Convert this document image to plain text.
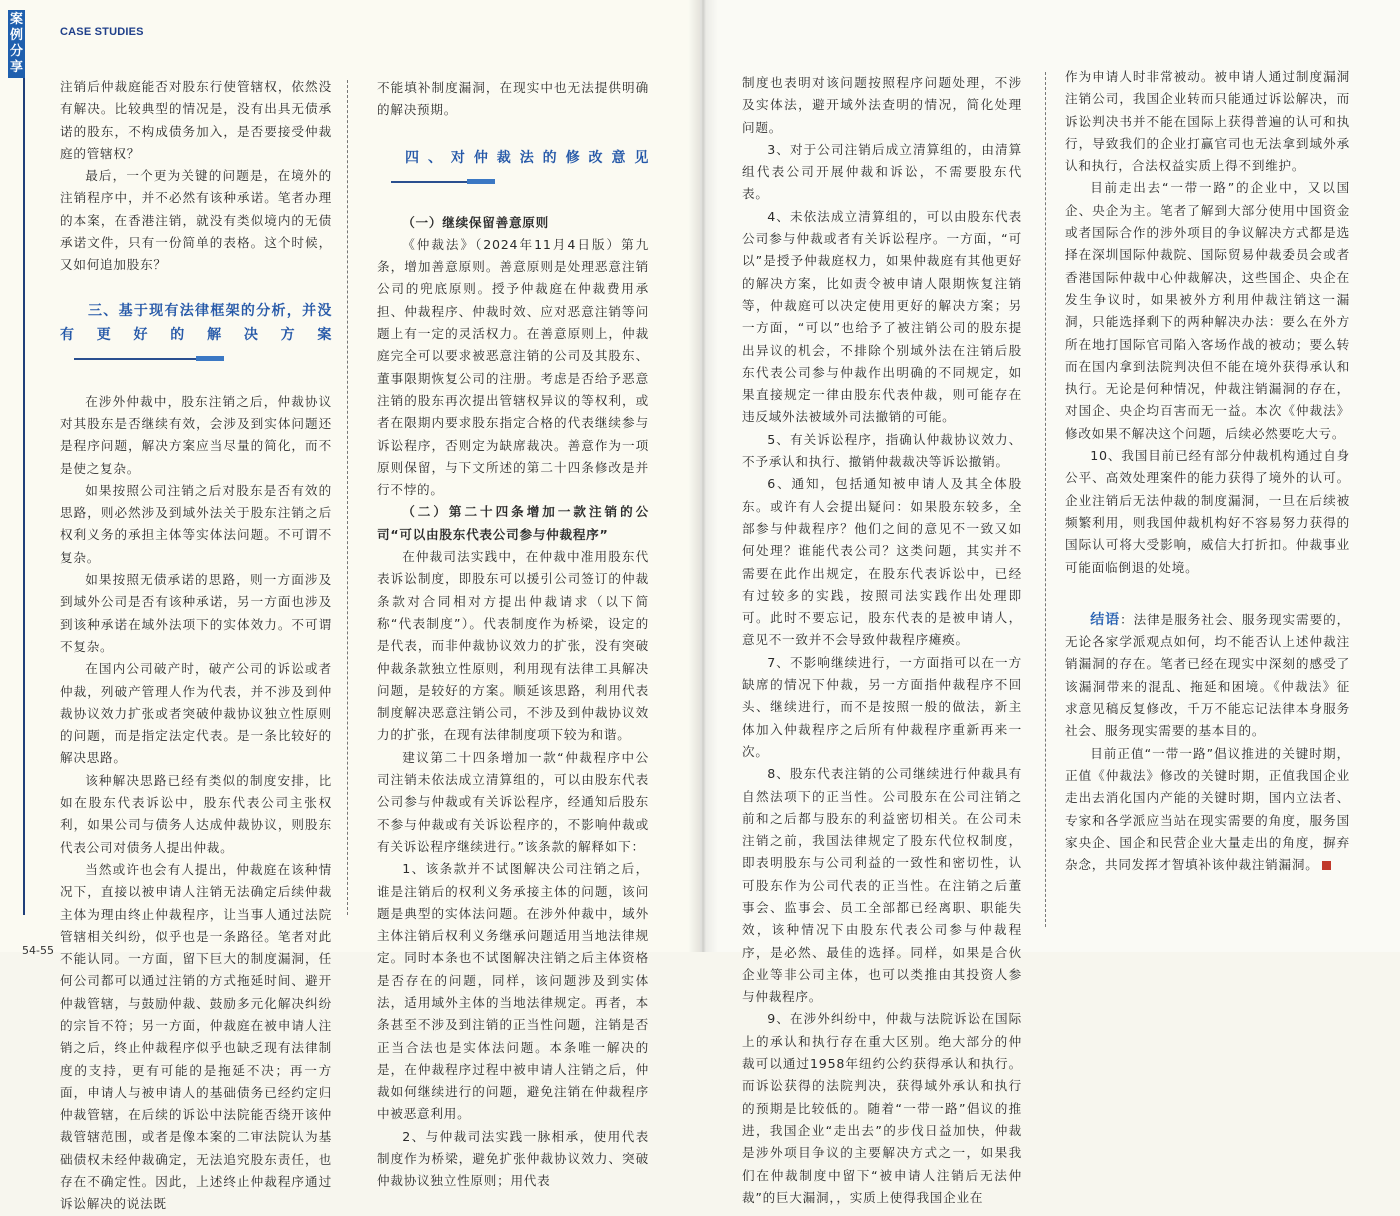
案
例
分
享
CASE STUDIES
54-55

注销后仲裁庭能否对股东行使管辖权，依然没有解决。比较典型的情况是，没有出具无债承诺的股东，不构成债务加入，是否要接受仲裁庭的管辖权？

最后，一个更为关键的问题是，在境外的注销程序中，并不必然有该种承诺。笔者办理的本案，在香港注销，就没有类似境内的无债承诺文件，只有一份简单的表格。这个时候，又如何追加股东？

三、基于现有法律框架的分析，并没有更好的解决方案

在涉外仲裁中，股东注销之后，仲裁协议对其股东是否继续有效，会涉及到实体问题还是程序问题，解决方案应当尽量的简化，而不是使之复杂。

如果按照公司注销之后对股东是否有效的思路，则必然涉及到域外法关于股东注销之后权利义务的承担主体等实体法问题。不可谓不复杂。

如果按照无债承诺的思路，则一方面涉及到域外公司是否有该种承诺，另一方面也涉及到该种承诺在域外法项下的实体效力。不可谓不复杂。

在国内公司破产时，破产公司的诉讼或者仲裁，列破产管理人作为代表，并不涉及到仲裁协议效力扩张或者突破仲裁协议独立性原则的问题，而是指定法定代表。是一条比较好的解决思路。

该种解决思路已经有类似的制度安排，比如在股东代表诉讼中，股东代表公司主张权利，如果公司与债务人达成仲裁协议，则股东代表公司对债务人提出仲裁。

当然或许也会有人提出，仲裁庭在该种情况下，直接以被申请人注销无法确定后续仲裁主体为理由终止仲裁程序，让当事人通过法院管辖相关纠纷，似乎也是一条路径。笔者对此不能认同。一方面，留下巨大的制度漏洞，任何公司都可以通过注销的方式拖延时间、避开仲裁管辖，与鼓励仲裁、鼓励多元化解决纠纷的宗旨不符；另一方面，仲裁庭在被申请人注销之后，终止仲裁程序似乎也缺乏现有法律制度的支持，更有可能的是拖延不决；再一方面，申请人与被申请人的基础债务已经约定归仲裁管辖，在后续的诉讼中法院能否绕开该仲裁管辖范围，或者是像本案的二审法院认为基础债权未经仲裁确定，无法追究股东责任，也存在不确定性。因此，上述终止仲裁程序通过诉讼解决的说法既

不能填补制度漏洞，在现实中也无法提供明确的解决预期。

四、对仲裁法的修改意见

（一）继续保留善意原则

《仲裁法》（2024年11月4日版）第九条，增加善意原则。善意原则是处理恶意注销公司的兜底原则。授予仲裁庭在仲裁费用承担、仲裁程序、仲裁时效、应对恶意注销等问题上有一定的灵活权力。在善意原则上，仲裁庭完全可以要求被恶意注销的公司及其股东、董事限期恢复公司的注册。考虑是否给予恶意注销的股东再次提出管辖权异议的等权利，或者在限期内要求股东指定合格的代表继续参与诉讼程序，否则定为缺席裁决。善意作为一项原则保留，与下文所述的第二十四条修改是并行不悖的。

（二）第二十四条增加一款注销的公司“可以由股东代表公司参与仲裁程序”

在仲裁司法实践中，在仲裁中准用股东代表诉讼制度，即股东可以援引公司签订的仲裁条款对合同相对方提出仲裁请求（以下简称“代表制度”）。代表制度作为桥梁，设定的是代表，而非仲裁协议效力的扩张，没有突破仲裁条款独立性原则，利用现有法律工具解决问题，是较好的方案。顺延该思路，利用代表制度解决恶意注销公司，不涉及到仲裁协议效力的扩张，在现有法律制度项下较为和谐。

建议第二十四条增加一款“仲裁程序中公司注销未依法成立清算组的，可以由股东代表公司参与仲裁或有关诉讼程序，经通知后股东不参与仲裁或有关诉讼程序的，不影响仲裁或有关诉讼程序继续进行。”该条款的解释如下：

1、该条款并不试图解决公司注销之后，谁是注销后的权利义务承接主体的问题，该问题是典型的实体法问题。在涉外仲裁中，域外主体注销后权利义务继承问题适用当地法律规定。同时本条也不试图解决注销之后主体资格是否存在的问题，同样，该问题涉及到实体法，适用域外主体的当地法律规定。再者，本条甚至不涉及到注销的正当性问题，注销是否正当合法也是实体法问题。本条唯一解决的是，在仲裁程序过程中被申请人注销之后，仲裁如何继续进行的问题，避免注销在仲裁程序中被恶意利用。

2、与仲裁司法实践一脉相承，使用代表制度作为桥梁，避免扩张仲裁协议效力、突破仲裁协议独立性原则；用代表

制度也表明对该问题按照程序问题处理，不涉及实体法，避开域外法查明的情况，简化处理问题。

3、对于公司注销后成立清算组的，由清算组代表公司开展仲裁和诉讼，不需要股东代表。

4、未依法成立清算组的，可以由股东代表公司参与仲裁或者有关诉讼程序。一方面，“可以”是授予仲裁庭权力，如果仲裁庭有其他更好的解决方案，比如责令被申请人限期恢复注销等，仲裁庭可以决定使用更好的解决方案；另一方面，“可以”也给予了被注销公司的股东提出异议的机会，不排除个别域外法在注销后股东代表公司参与仲裁作出明确的不同规定，如果直接规定一律由股东代表仲裁，则可能存在违反域外法被域外司法撤销的可能。

5、有关诉讼程序，指确认仲裁协议效力、不予承认和执行、撤销仲裁裁决等诉讼撤销。

6、通知，包括通知被申请人及其全体股东。或许有人会提出疑问：如果股东较多，全部参与仲裁程序？他们之间的意见不一致又如何处理？谁能代表公司？这类问题，其实并不需要在此作出规定，在股东代表诉讼中，已经有过较多的实践，按照司法实践作出处理即可。此时不要忘记，股东代表的是被申请人，意见不一致并不会导致仲裁程序瘫痪。

7、不影响继续进行，一方面指可以在一方缺席的情况下仲裁，另一方面指仲裁程序不回头、继续进行，而不是按照一般的做法，新主体加入仲裁程序之后所有仲裁程序重新再来一次。

8、股东代表注销的公司继续进行仲裁具有自然法项下的正当性。公司股东在公司注销之前和之后都与股东的利益密切相关。在公司未注销之前，我国法律规定了股东代位权制度，即表明股东与公司利益的一致性和密切性，认可股东作为公司代表的正当性。在注销之后董事会、监事会、员工全部都已经离职、职能失效，该种情况下由股东代表公司参与仲裁程序，是必然、最佳的选择。同样，如果是合伙企业等非公司主体，也可以类推由其投资人参与仲裁程序。

9、在涉外纠纷中，仲裁与法院诉讼在国际上的承认和执行存在重大区别。绝大部分的仲裁可以通过1958年纽约公约获得承认和执行。而诉讼获得的法院判决，获得域外承认和执行的预期是比较低的。随着“一带一路”倡议的推进，我国企业“走出去”的步伐日益加快，仲裁是涉外项目争议的主要解决方式之一，如果我们在仲裁制度中留下“被申请人注销后无法仲裁”的巨大漏洞，，实质上使得我国企业在

作为申请人时非常被动。被申请人通过制度漏洞注销公司，我国企业转而只能通过诉讼解决，而诉讼判决书并不能在国际上获得普遍的认可和执行，导致我们的企业打赢官司也无法拿到域外承认和执行，合法权益实质上得不到维护。

目前走出去“一带一路”的企业中，又以国企、央企为主。笔者了解到大部分使用中国资金或者国际合作的涉外项目的争议解决方式都是选择在深圳国际仲裁院、国际贸易仲裁委员会或者香港国际仲裁中心仲裁解决，这些国企、央企在发生争议时，如果被外方利用仲裁注销这一漏洞，只能选择剩下的两种解决办法：要么在外方所在地打国际官司陷入客场作战的被动；要么转而在国内拿到法院判决但不能在境外获得承认和执行。无论是何种情况，仲裁注销漏洞的存在，对国企、央企均百害而无一益。本次《仲裁法》修改如果不解决这个问题，后续必然要吃大亏。

10、我国目前已经有部分仲裁机构通过自身公平、高效处理案件的能力获得了境外的认可。企业注销后无法仲裁的制度漏洞，一旦在后续被频繁利用，则我国仲裁机构好不容易努力获得的国际认可将大受影响，威信大打折扣。仲裁事业可能面临倒退的处境。

结语：法律是服务社会、服务现实需要的，无论各家学派观点如何，均不能否认上述仲裁注销漏洞的存在。笔者已经在现实中深刻的感受了该漏洞带来的混乱、拖延和困境。《仲裁法》征求意见稿反复修改，千万不能忘记法律本身服务社会、服务现实需要的基本目的。

目前正值“一带一路”倡议推进的关键时期，正值《仲裁法》修改的关键时期，正值我国企业走出去消化国内产能的关键时期，国内立法者、专家和各学派应当站在现实需要的角度，服务国家央企、国企和民营企业大量走出的角度，摒弃杂念，共同发挥才智填补该仲裁注销漏洞。
